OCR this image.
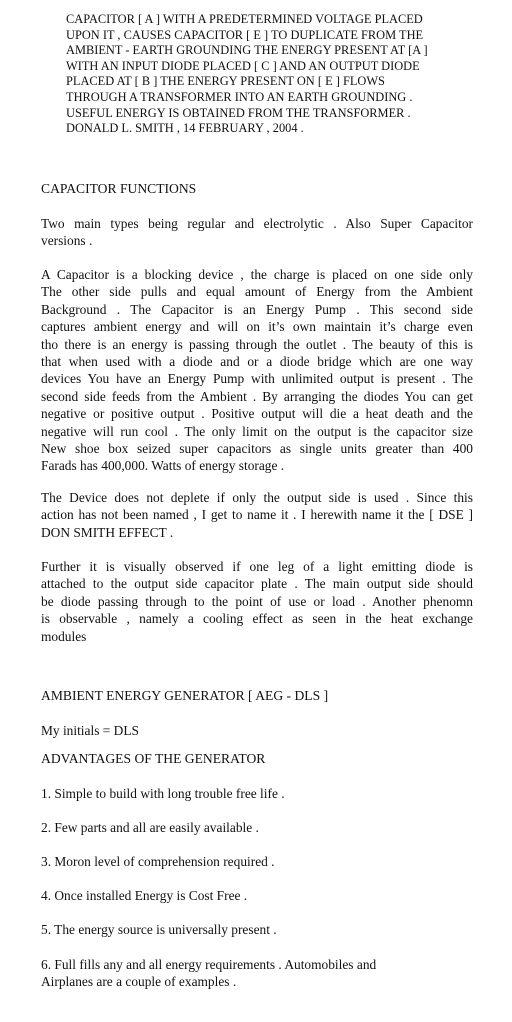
CAPACITOR [ A ] WITH A PREDETERMINED VOLTAGE PLACED
UPON IT , CAUSES CAPACITOR [ E ] TO DUPLICATE FROM THE
AMBIENT - EARTH GROUNDING THE ENERGY PRESENT AT [A ]
WITH AN INPUT DIODE PLACED [ C ] AND AN OUTPUT DIODE
PLACED AT [ B ] THE ENERGY PRESENT ON [ E ] FLOWS
THROUGH A TRANSFORMER INTO AN EARTH GROUNDING .
USEFUL ENERGY IS OBTAINED FROM THE TRANSFORMER .
DONALD L. SMITH , 14 FEBRUARY , 2004 .
CAPACITOR FUNCTIONS
Two main types being regular and electrolytic . Also Super Capacitor
versions .
A Capacitor is a blocking device , the charge is placed on one side only
The other side pulls and equal amount of Energy from the Ambient
Background . The Capacitor is an Energy Pump . This second side
captures ambient energy and will on it’s own maintain it’s charge even
tho there is an energy is passing through the outlet . The beauty of this is
that when used with a diode and or a diode bridge which are one way
devices You have an Energy Pump with unlimited output is present . The
second side feeds from the Ambient . By arranging the diodes You can get
negative or positive output . Positive output will die a heat death and the
negative will run cool . The only limit on the output is the capacitor size
New shoe box seized super capacitors as single units greater than 400
Farads has 400,000. Watts of energy storage .
The Device does not deplete if only the output side is used . Since this
action has not been named , I get to name it . I herewith name it the [ DSE ]
DON SMITH EFFECT .
Further it is visually observed if one leg of a light emitting diode is
attached to the output side capacitor plate . The main output side should
be diode passing through to the point of use or load . Another phenomn
is observable , namely a cooling effect as seen in the heat exchange
modules
AMBIENT ENERGY GENERATOR [ AEG - DLS ]
My initials = DLS
ADVANTAGES OF THE GENERATOR
1. Simple to build with long trouble free life .
2. Few parts and all are easily available .
3. Moron level of comprehension required .
4. Once installed Energy is Cost Free .
5. The energy source is universally present .
6. Full fills any and all energy requirements . Automobiles and
Airplanes are a couple of examples .
